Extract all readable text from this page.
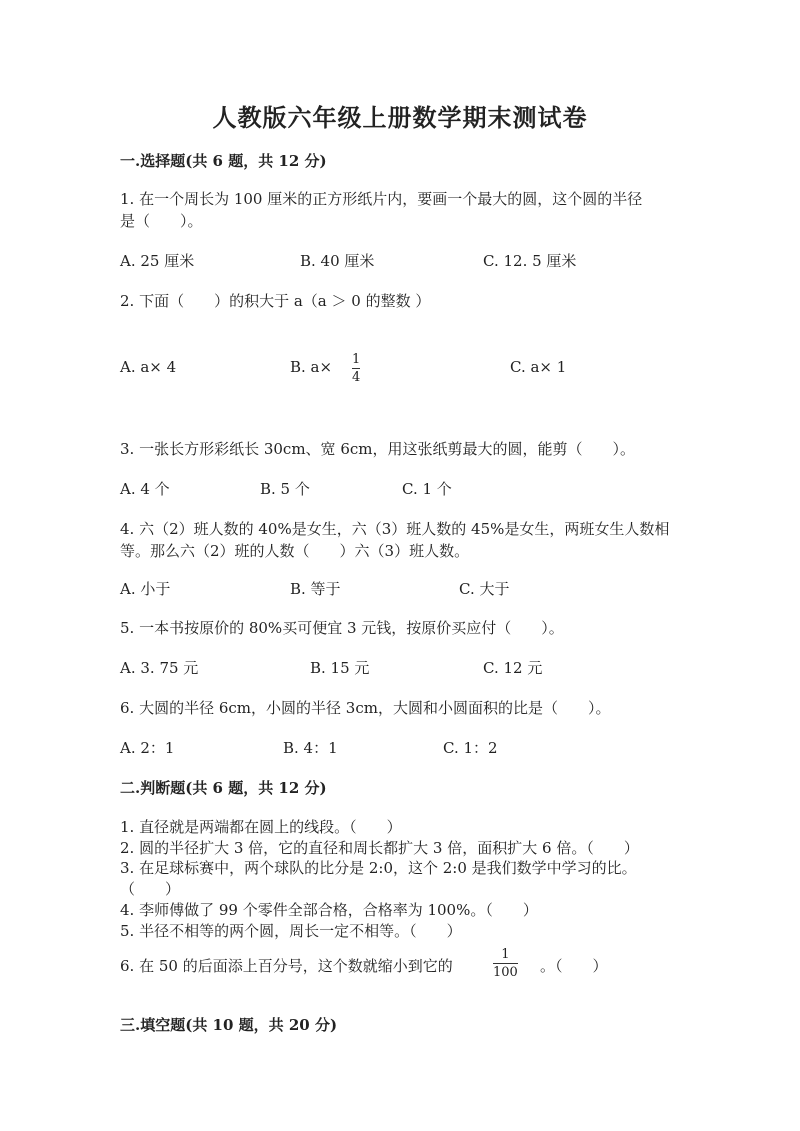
人教版六年级上册数学期末测试卷
一.选择题(共 6 题，共 12 分)
1. 在一个周长为 100 厘米的正方形纸片内，要画一个最大的圆，这个圆的半径
是（　　）。
A. 25 厘米	B. 40 厘米	C. 12. 5 厘米
2. 下面（　　）的积大于 a（a ＞ 0 的整数 ）
A. a× 4	B. a× 1
4
C. a× 1
3. 一张长方形彩纸长 30cm、宽 6cm，用这张纸剪最大的圆，能剪（　　）。
A. 4 个	B. 5 个	C. 1 个
4. 六（2）班人数的 40%是女生，六（3）班人数的 45%是女生，两班女生人数相
等。那么六（2）班的人数（　　）六（3）班人数。
A. 小于	B. 等于	C. 大于
5. 一本书按原价的 80%买可便宜 3 元钱，按原价买应付（　　）。
A. 3. 75 元	B. 15 元	C. 12 元
6. 大圆的半径 6cm，小圆的半径 3cm，大圆和小圆面积的比是（　　）。
A. 2：1	B. 4：1	C. 1：2
二.判断题(共 6 题，共 12 分)
1. 直径就是两端都在圆上的线段。（　　）
2. 圆的半径扩大 3 倍，它的直径和周长都扩大 3 倍，面积扩大 6 倍。（　　）
3. 在足球标赛中，两个球队的比分是 2:0，这个 2:0 是我们数学中学习的比。
（　　）
4. 李师傅做了 99 个零件全部合格，合格率为 100%。（　　）
5. 半径不相等的两个圆，周长一定不相等。（　　）
6. 在 50 的后面添上百分号，这个数就缩小到它的
1
100 。（　　）
三.填空题(共 10 题，共 20 分)
